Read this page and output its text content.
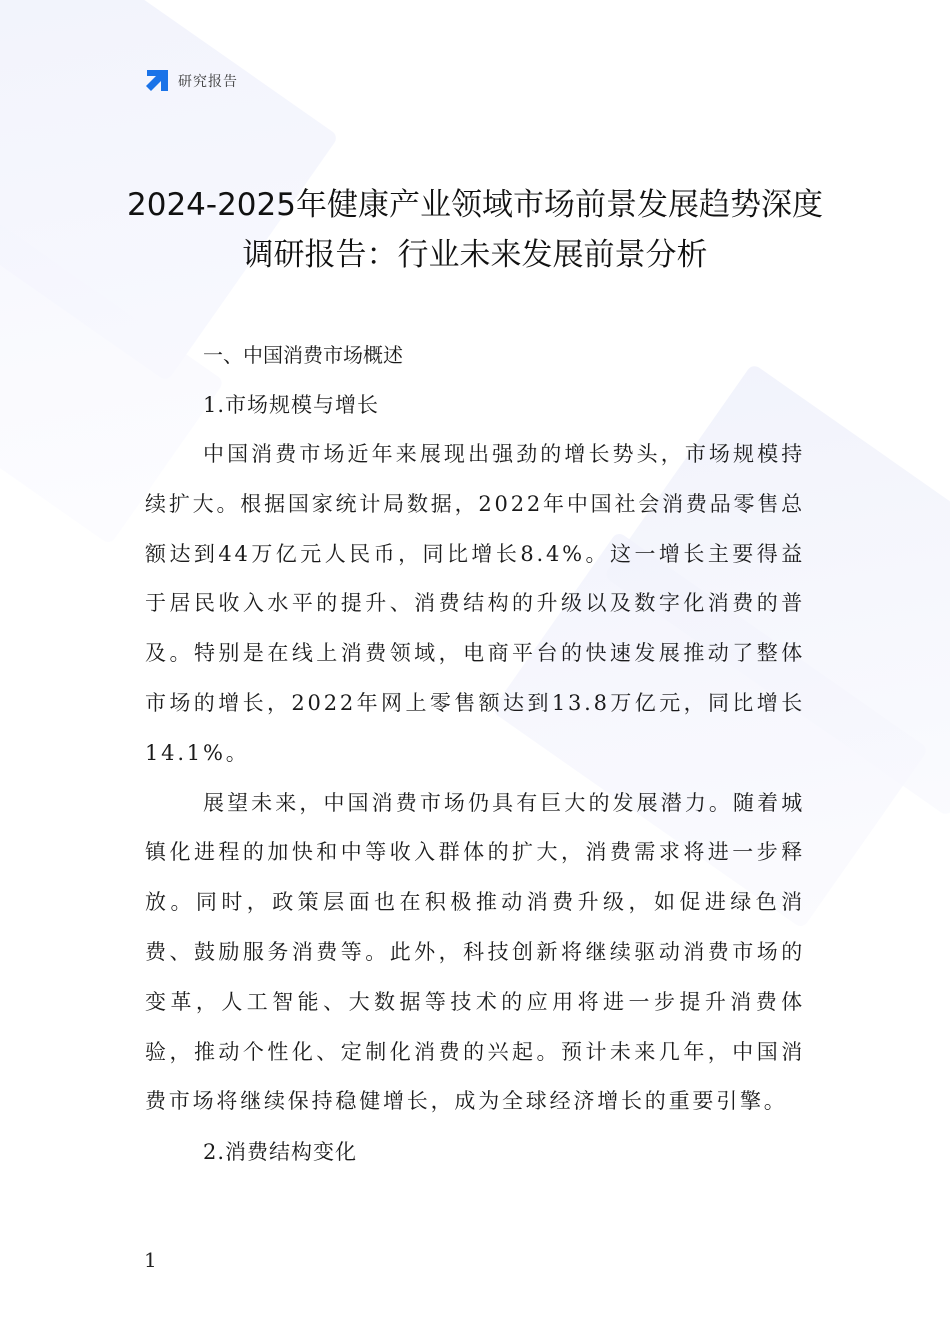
研究报告
2024-2025年健康产业领域市场前景发展趋势深度调研报告：行业未来发展前景分析
一、中国消费市场概述
1.市场规模与增长

中国消费市场近年来展现出强劲的增长势头，市场规模持续扩大。根据国家统计局数据，2022年中国社会消费品零售总额达到44万亿元人民币，同比增长8.4%。这一增长主要得益于居民收入水平的提升、消费结构的升级以及数字化消费的普及。特别是在线上消费领域，电商平台的快速发展推动了整体市场的增长，2022年网上零售额达到13.8万亿元，同比增长14.1%。

展望未来，中国消费市场仍具有巨大的发展潜力。随着城镇化进程的加快和中等收入群体的扩大，消费需求将进一步释放。同时，政策层面也在积极推动消费升级，如促进绿色消费、鼓励服务消费等。此外，科技创新将继续驱动消费市场的变革，人工智能、大数据等技术的应用将进一步提升消费体验，推动个性化、定制化消费的兴起。预计未来几年，中国消费市场将继续保持稳健增长，成为全球经济增长的重要引擎。

2.消费结构变化
1
